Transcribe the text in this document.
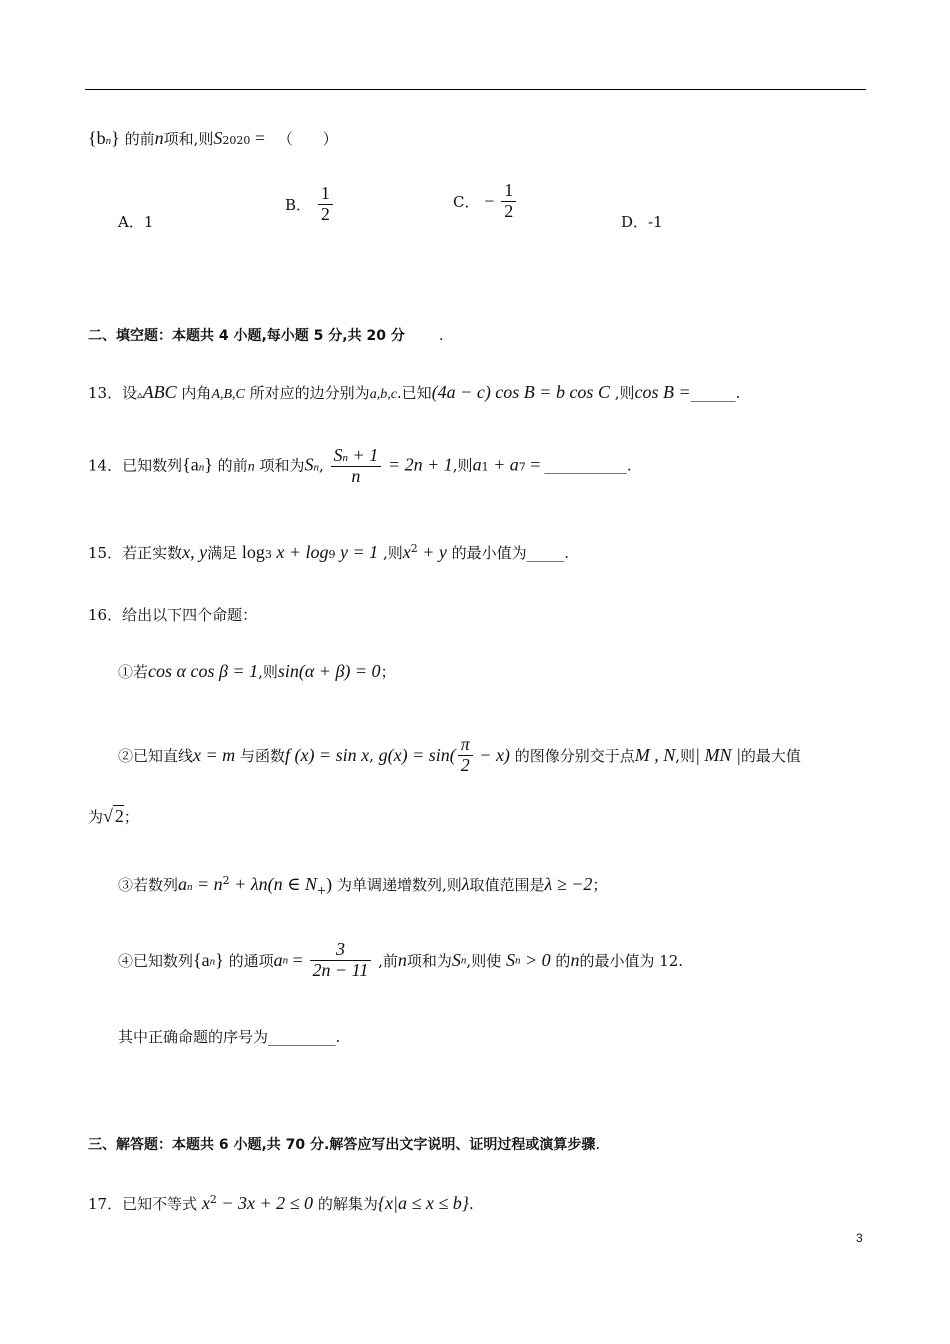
{bn} 的前n项和,则S2020 = （　　）
A．1
B． $\frac{1}{2}$	C． − $\frac{1}{2}$
D．-1
二、填空题：本题共 4 小题,每小题 5 分,共 20 分 .
13．设▵ABC 内角A,B,C 所对应的边分别为a,b,c.已知(4a − c) cos B = b cos C ,则cos B =______.
14．已知数列{an} 的前n 项和为Sn, $\frac{Sn + 1}{n} = 2n + 1$,则a1 + a7 = ___________.
15．若正实数x, y满足 log3 x + log9 y = 1 ,则$x^2 + y$ 的最小值为_____.
16．给出以下四个命题：
①若cos α cos β = 1,则sin(α + β) = 0；
②已知直线x = m 与函数f (x) = sin x, $g(x) = \sin( \frac{\pi}{2} - x)$ 的图像分别交于点M , N,则| MN |的最大值
为√ 2；
③若数列an = $n^2 + \lambda n(n$ ∈ $N_+$) 为单调递增数列,则λ取值范围是λ ≥ −2；
④已知数列{an} 的通项an = $\frac{3}{2n - 11}$ ,前n项和为Sn,则使 Sn > 0 的n的最小值为 12.
其中正确命题的序号为_________.
三、解答题：本题共 6 小题,共 70 分.解答应写出文字说明、证明过程或演算步骤.
17．已知不等式 $x^2 - 3x + 2 \le 0$ 的解集为{x|a ≤ x ≤ b}.
3
